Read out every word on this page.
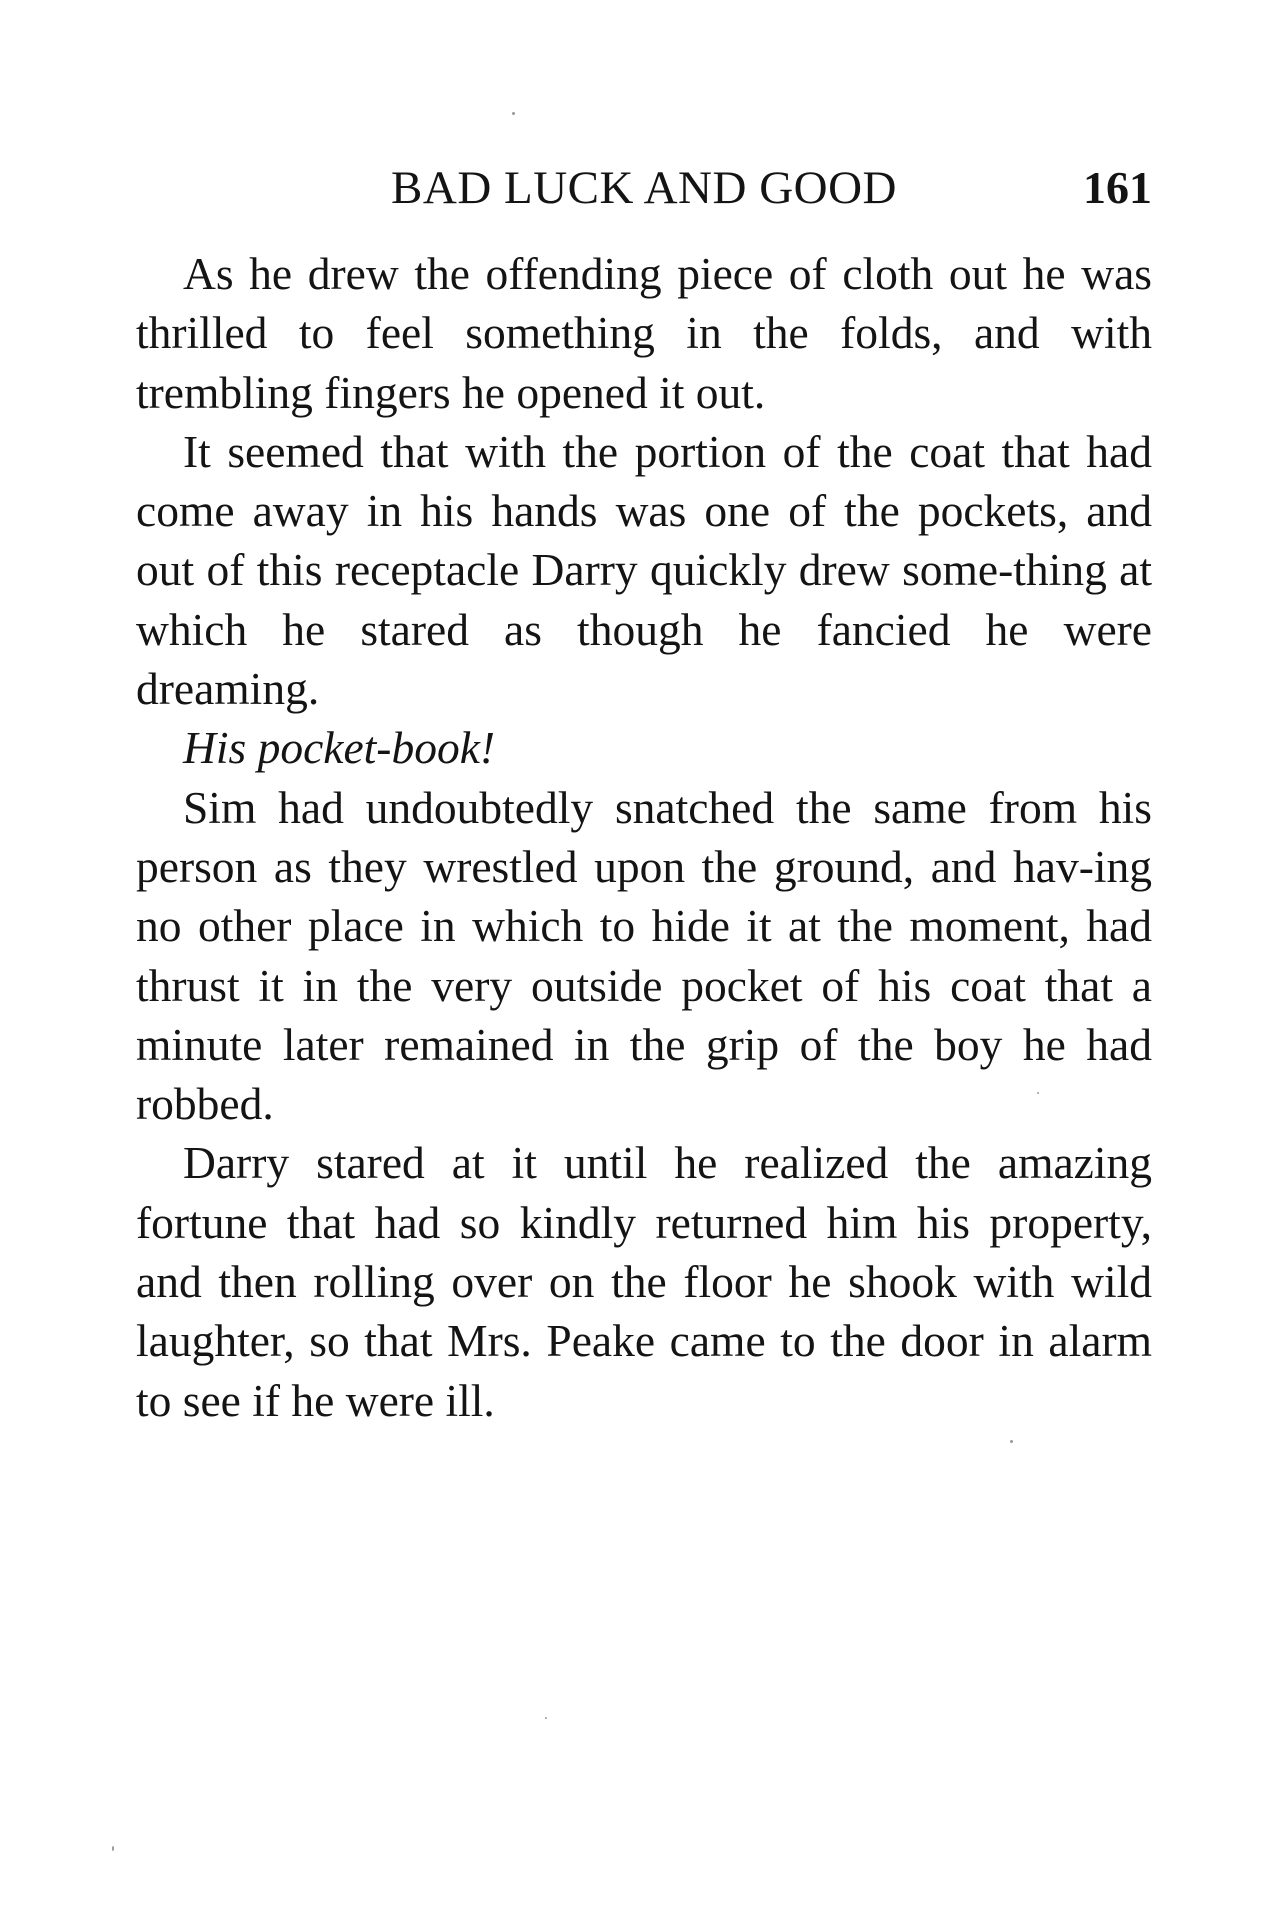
BAD LUCK AND GOOD	161

As he drew the offending piece of cloth out he was thrilled to feel something in the folds, and with trembling fingers he opened it out.

It seemed that with the portion of the coat that had come away in his hands was one of the pockets, and out of this receptacle Darry quickly drew some-thing at which he stared as though he fancied he were dreaming.

His pocket-book!

Sim had undoubtedly snatched the same from his person as they wrestled upon the ground, and hav-ing no other place in which to hide it at the moment, had thrust it in the very outside pocket of his coat that a minute later remained in the grip of the boy he had robbed.

Darry stared at it until he realized the amazing fortune that had so kindly returned him his property, and then rolling over on the floor he shook with wild laughter, so that Mrs. Peake came to the door in alarm to see if he were ill.
